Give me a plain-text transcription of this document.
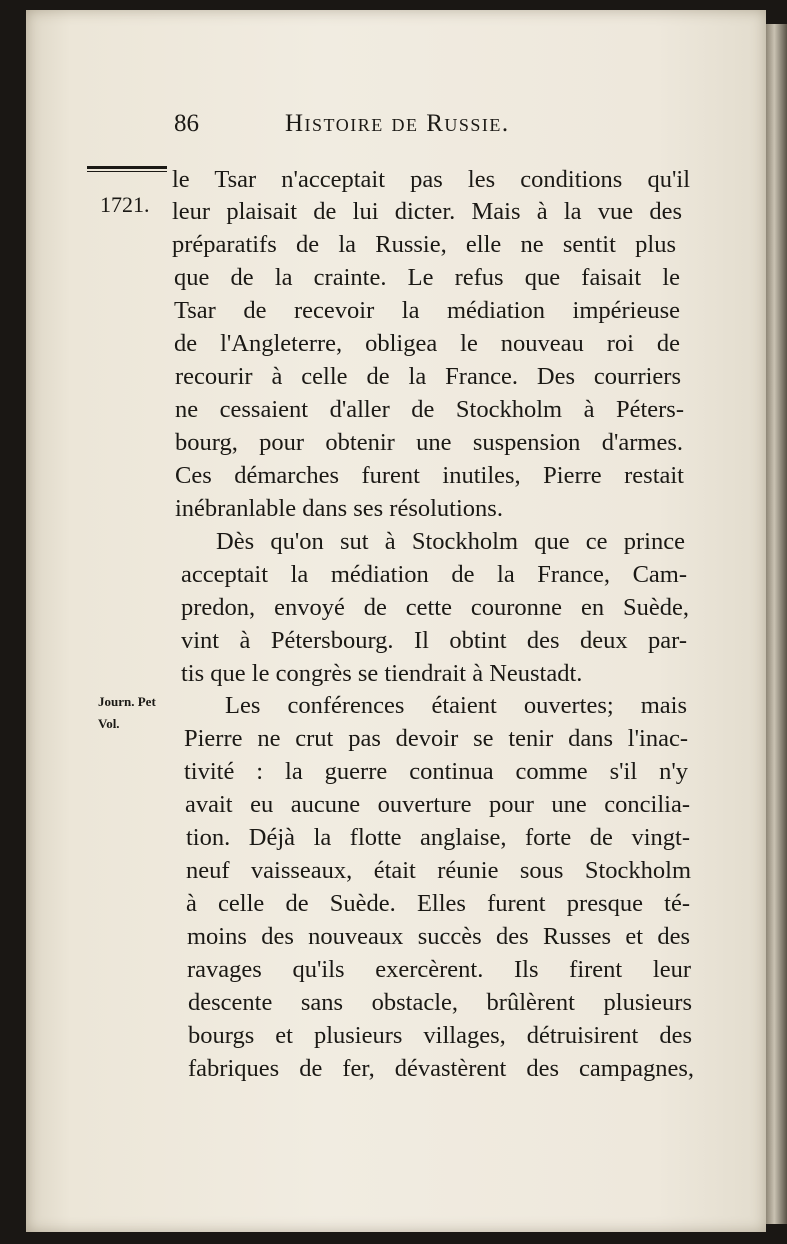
86	Histoire de Russie.
1721.
Journ. Pet
Vol.
le Tsar n'acceptait pas les conditions qu'il
leur plaisait de lui dicter. Mais à la vue des
préparatifs de la Russie, elle ne sentit plus
que de la crainte. Le refus que faisait le
Tsar de recevoir la médiation impérieuse
de l'Angleterre, obligea le nouveau roi de
recourir à celle de la France. Des courriers
ne cessaient d'aller de Stockholm à Péters-
bourg, pour obtenir une suspension d'armes.
Ces démarches furent inutiles, Pierre restait
inébranlable dans ses résolutions.
Dès qu'on sut à Stockholm que ce prince
acceptait la médiation de la France, Cam-
predon, envoyé de cette couronne en Suède,
vint à Pétersbourg. Il obtint des deux par-
tis que le congrès se tiendrait à Neustadt.
Les conférences étaient ouvertes; mais
Pierre ne crut pas devoir se tenir dans l'inac-
tivité : la guerre continua comme s'il n'y
avait eu aucune ouverture pour une concilia-
tion. Déjà la flotte anglaise, forte de vingt-
neuf vaisseaux, était réunie sous Stockholm
à celle de Suède. Elles furent presque té-
moins des nouveaux succès des Russes et des
ravages qu'ils exercèrent. Ils firent leur
descente sans obstacle, brûlèrent plusieurs
bourgs et plusieurs villages, détruisirent des
fabriques de fer, dévastèrent des campagnes,
